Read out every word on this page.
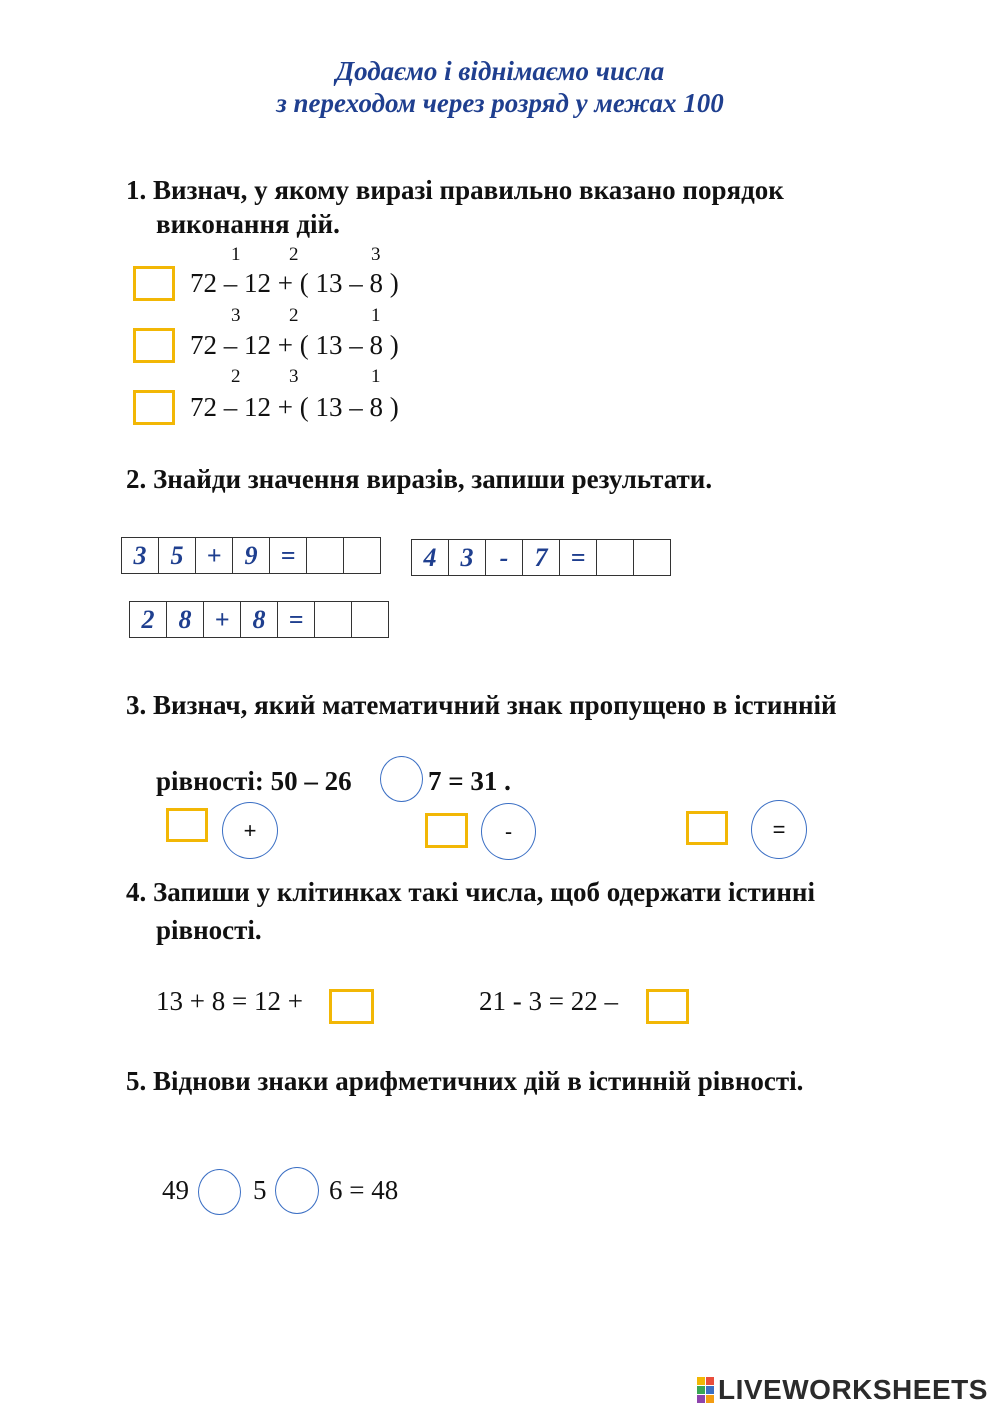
Додаємо і віднімаємо числа
з переходом через розряд у межах 100
1. Визнач, у якому виразі правильно вказано порядок
виконання дій.
1	2	3
72 – 12 + ( 13 – 8 )
3	2	1
72 – 12 + ( 13 – 8 )
2	3	1
72 – 12 + ( 13 – 8 )
2. Знайди значення виразів, запиши результати.
3 5 + 9 =	4 3	-	7 =
2 8 + 8 =
3. Визнач, який математичний знак пропущено в істинній
рівності: 50 – 26	7 = 31 .
+	-	=
4. Запиши у клітинках такі числа, щоб одержати істинні
рівності.
13 + 8 = 12 +	21 - 3 = 22 –
5. Віднови знаки арифметичних дій в істинній рівності.
49 5 6 = 48
LIVEWORKSHEETS
